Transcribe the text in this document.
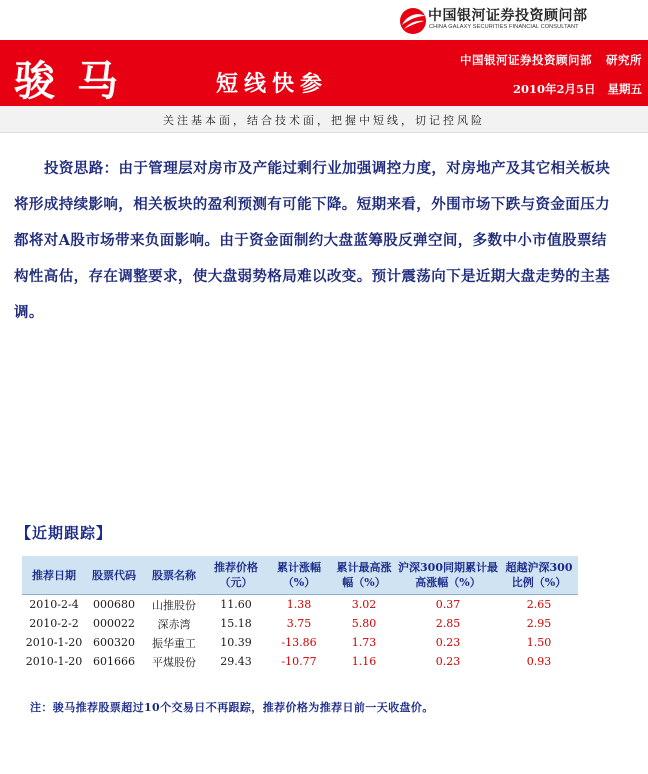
中国银河证券投资顾问部
CHINA GALAXY SECURITIES FINANCIAL CONSULTANT
骏马	短线快参
中国银河证券投资顾问部 研究所
2010年2月5日 星期五
关注基本面，结合技术面，把握中短线，切记控风险

投资思路：由于管理层对房市及产能过剩行业加强调控力度，对房地产及其它相关板块将形成持续影响，相关板块的盈利预测有可能下降。短期来看，外围市场下跌与资金面压力都将对A股市场带来负面影响。由于资金面制约大盘蓝筹股反弹空间，多数中小市值股票结构性高估，存在调整要求，使大盘弱势格局难以改变。预计震荡向下是近期大盘走势的主基调。

【近期跟踪】
推荐日期	股票代码	股票名称	推荐价格（元）	累计涨幅（%）	累计最高涨幅（%）	沪深300同期累计最高涨幅（%）	超越沪深300比例（%）
2010-2-4	000680	山推股份	11.60	1.38	3.02	0.37	2.65
2010-2-2	000022	深赤湾	15.18	3.75	5.80	2.85	2.95
2010-1-20	600320	振华重工	10.39	-13.86	1.73	0.23	1.50
2010-1-20	601666	平煤股份	29.43	-10.77	1.16	0.23	0.93
注：骏马推荐股票超过10个交易日不再跟踪，推荐价格为推荐日前一天收盘价。
